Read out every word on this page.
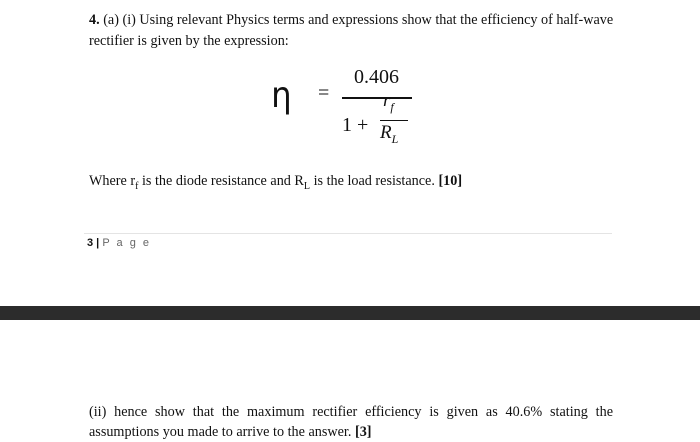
4. (a) (i) Using relevant Physics terms and expressions show that the efficiency of half-wave rectifier is given by the expression:
η =
0.406
1 +
$r_f$
$R_L$
Where $r_f$ is the diode resistance and $R_L$ is the load resistance. [10]
3 | P a g e
(ii) hence show that the maximum rectifier efficiency is given as 40.6% stating the assumptions you made to arrive to the answer. [3]
